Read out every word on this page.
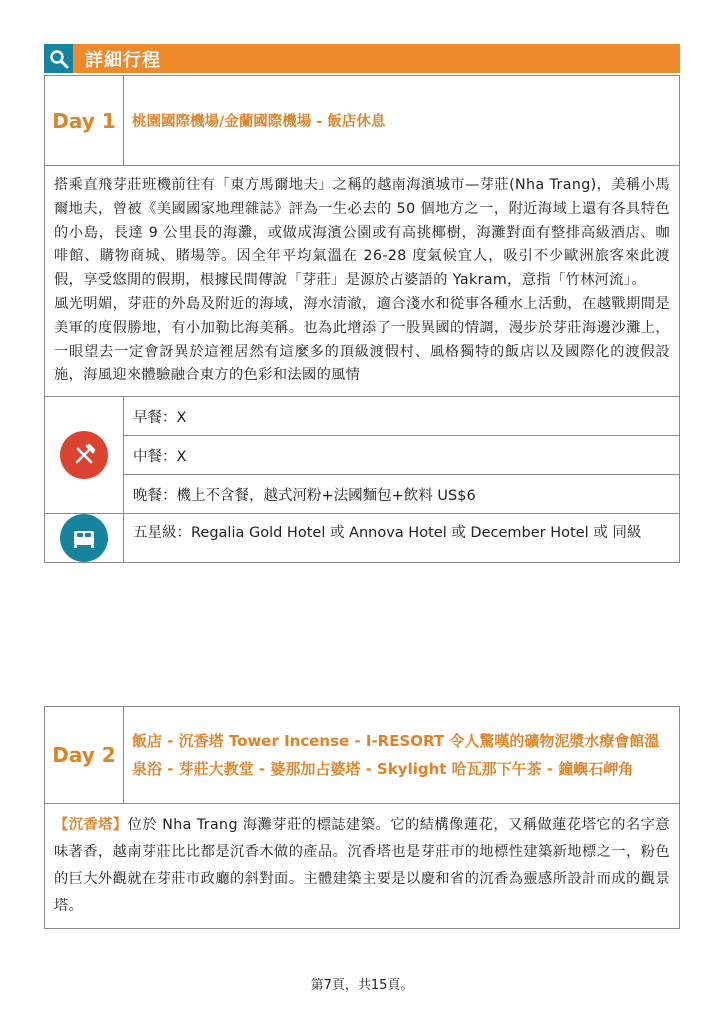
詳細行程
Day 1	桃園國際機場/金蘭國際機場 - 飯店休息

搭乘直飛芽莊班機前往有「東方馬爾地夫」之稱的越南海濱城市—芽莊(Nha Trang)，美稱小馬爾地夫，曾被《美國國家地理雜誌》評為一生必去的 50 個地方之一，附近海域上還有各具特色的小島，長達 9 公里長的海灘，或做成海濱公園或有高挑椰樹，海灘對面有整排高級酒店、咖啡館、購物商城、賭場等。因全年平均氣溫在 26-28 度氣候宜人，吸引不少歐洲旅客來此渡假，享受悠閒的假期，根據民間傳說「芽莊」是源於占婆語的 Yakram，意指「竹林河流」。

風光明媚，芽莊的外島及附近的海域，海水清澈，適合淺水和從事各種水上活動，在越戰期間是美軍的度假勝地，有小加勒比海美稱。也為此增添了一股異國的情調，漫步於芽莊海邊沙灘上，一眼望去一定會訝異於這裡居然有這麼多的頂級渡假村、風格獨特的飯店以及國際化的渡假設施，海風迎來體驗融合東方的色彩和法國的風情

早餐：X
中餐：X
晚餐：機上不含餐，越式河粉+法國麵包+飲料 US$6
五星級：Regalia Gold Hotel 或 Annova Hotel 或 December Hotel 或 同級
Day 2
飯店 - 沉香塔 Tower Incense - I-RESORT 令人驚嘆的礦物泥漿水療會館溫泉浴 - 芽莊大教堂 - 婆那加占婆塔 - Skylight 哈瓦那下午茶 - 鐘嶼石岬角
【沉香塔】位於 Nha Trang 海灘芽莊的標誌建築。它的結構像蓮花，又稱做蓮花塔它的名字意味著香，越南芽莊比比都是沉香木做的產品。沉香塔也是芽莊市的地標性建築新地標之一，粉色的巨大外觀就在芽莊市政廳的斜對面。主體建築主要是以慶和省的沉香為靈感所設計而成的觀景塔。
第7頁，共15頁。
